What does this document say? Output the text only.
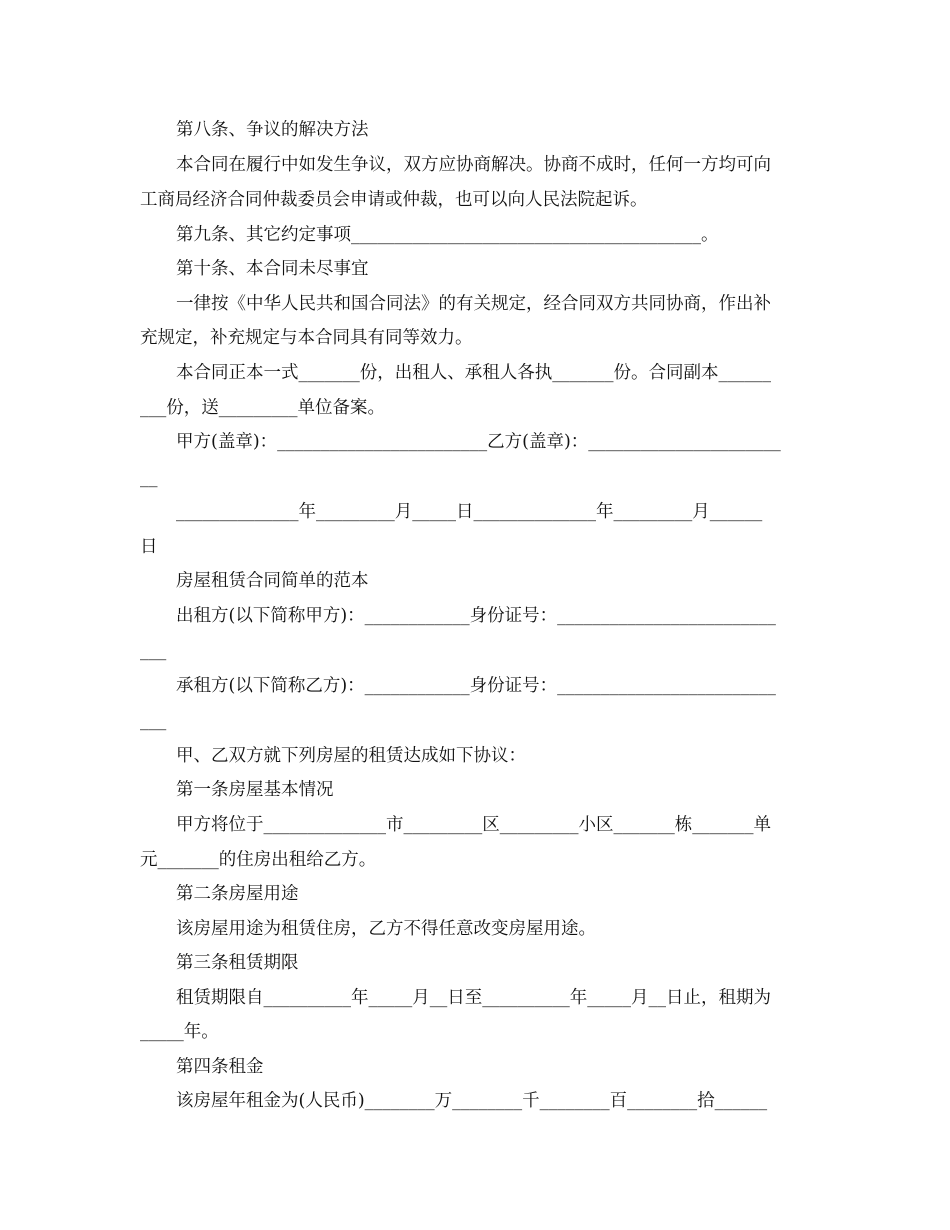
第八条、争议的解决方法
本合同在履行中如发生争议，双方应协商解决。协商不成时，任何一方均可向
工商局经济合同仲裁委员会申请或仲裁，也可以向人民法院起诉。
第九条、其它约定事项________________________________________。
第十条、本合同未尽事宜
一律按《中华人民共和国合同法》的有关规定，经合同双方共同协商，作出补
充规定，补充规定与本合同具有同等效力。
本合同正本一式_______份，出租人、承租人各执_______份。合同副本______
___份，送_________单位备案。
甲方(盖章)：________________________乙方(盖章)：______________________
__
______________年_________月_____日______________年_________月______
日
房屋租赁合同简单的范本
出租方(以下简称甲方)：____________身份证号：_________________________
___
承租方(以下简称乙方)：____________身份证号：_________________________
___
甲、乙双方就下列房屋的租赁达成如下协议：
第一条房屋基本情况
甲方将位于______________市_________区_________小区_______栋_______单
元_______的住房出租给乙方。
第二条房屋用途
该房屋用途为租赁住房，乙方不得任意改变房屋用途。
第三条租赁期限
租赁期限自__________年_____月__日至__________年_____月__日止，租期为
_____年。
第四条租金
该房屋年租金为(人民币)________万________千________百________拾______
